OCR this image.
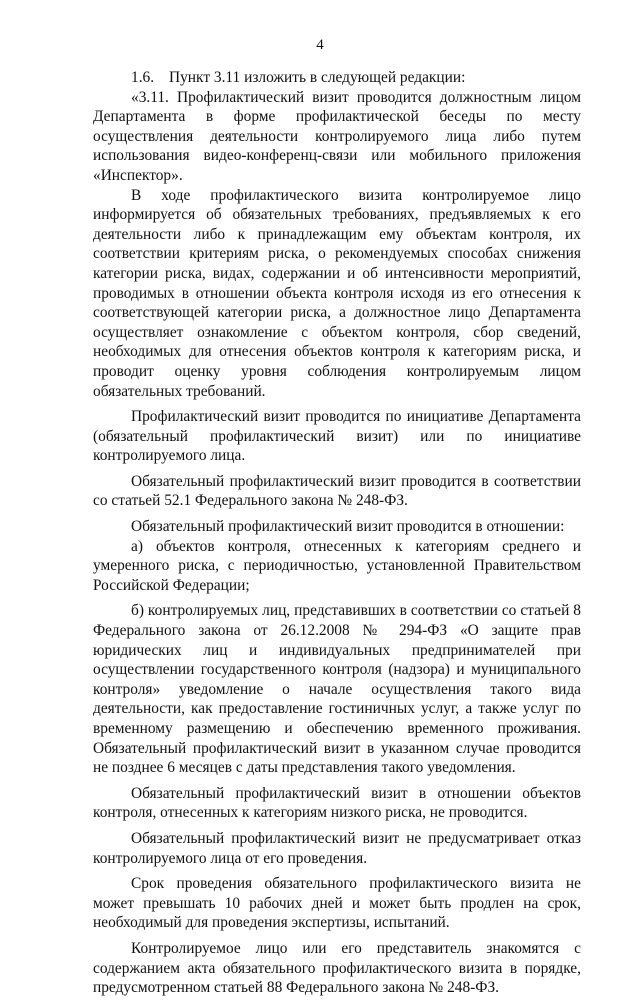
4

1.6. Пункт 3.11 изложить в следующей редакции:

«3.11. Профилактический визит проводится должностным лицом Департамента в форме профилактической беседы по месту осуществления деятельности контролируемого лица либо путем использования видео-конференц-связи или мобильного приложения «Инспектор».

В ходе профилактического визита контролируемое лицо информируется об обязательных требованиях, предъявляемых к его деятельности либо к принадлежащим ему объектам контроля, их соответствии критериям риска, о рекомендуемых способах снижения категории риска, видах, содержании и об интенсивности мероприятий, проводимых в отношении объекта контроля исходя из его отнесения к соответствующей категории риска, а должностное лицо Департамента осуществляет ознакомление с объектом контроля, сбор сведений, необходимых для отнесения объектов контроля к категориям риска, и проводит оценку уровня соблюдения контролируемым лицом обязательных требований.

Профилактический визит проводится по инициативе Департамента (обязательный профилактический визит) или по инициативе контролируемого лица.

Обязательный профилактический визит проводится в соответствии со статьей 52.1 Федерального закона № 248-ФЗ.

Обязательный профилактический визит проводится в отношении:

а) объектов контроля, отнесенных к категориям среднего и умеренного риска, с периодичностью, установленной Правительством Российской Федерации;

б) контролируемых лиц, представивших в соответствии со статьей 8 Федерального закона от 26.12.2008 № 294-ФЗ «О защите прав юридических лиц и индивидуальных предпринимателей при осуществлении государственного контроля (надзора) и муниципального контроля» уведомление о начале осуществления такого вида деятельности, как предоставление гостиничных услуг, а также услуг по временному размещению и обеспечению временного проживания. Обязательный профилактический визит в указанном случае проводится не позднее 6 месяцев с даты представления такого уведомления.

Обязательный профилактический визит в отношении объектов контроля, отнесенных к категориям низкого риска, не проводится.

Обязательный профилактический визит не предусматривает отказ контролируемого лица от его проведения.

Срок проведения обязательного профилактического визита не может превышать 10 рабочих дней и может быть продлен на срок, необходимый для проведения экспертизы, испытаний.

Контролируемое лицо или его представитель знакомятся с содержанием акта обязательного профилактического визита в порядке, предусмотренном статьей 88 Федерального закона № 248-ФЗ.
